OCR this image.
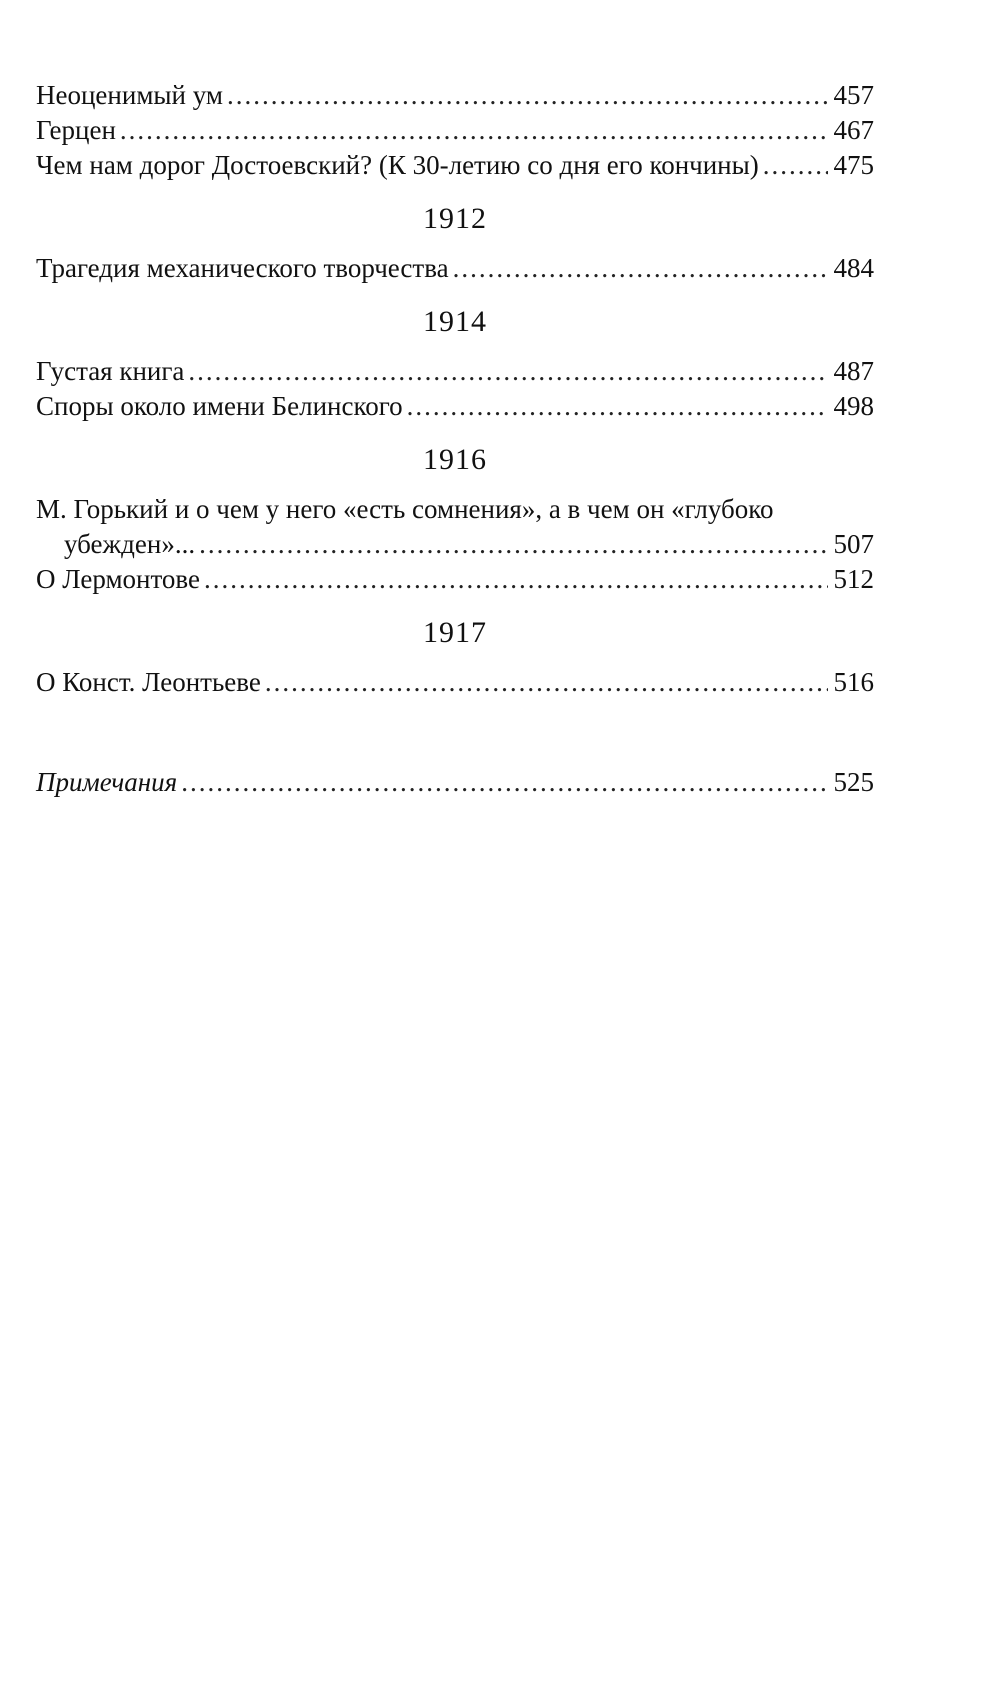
Неоценимый ум .....	457
Герцен .....	467
Чем нам дорог Достоевский? (К 30-летию со дня его кончины) .....	475
1912
Трагедия механического творчества .....	484
1914
Густая книга .....	487
Споры около имени Белинского .....	498
1916
М. Горький и о чем у него «есть сомнения», а в чем он «глубоко
убежден»... .....	507
О Лермонтове .....	512
1917
О Конст. Леонтьеве .....	516
Примечания .....	525
